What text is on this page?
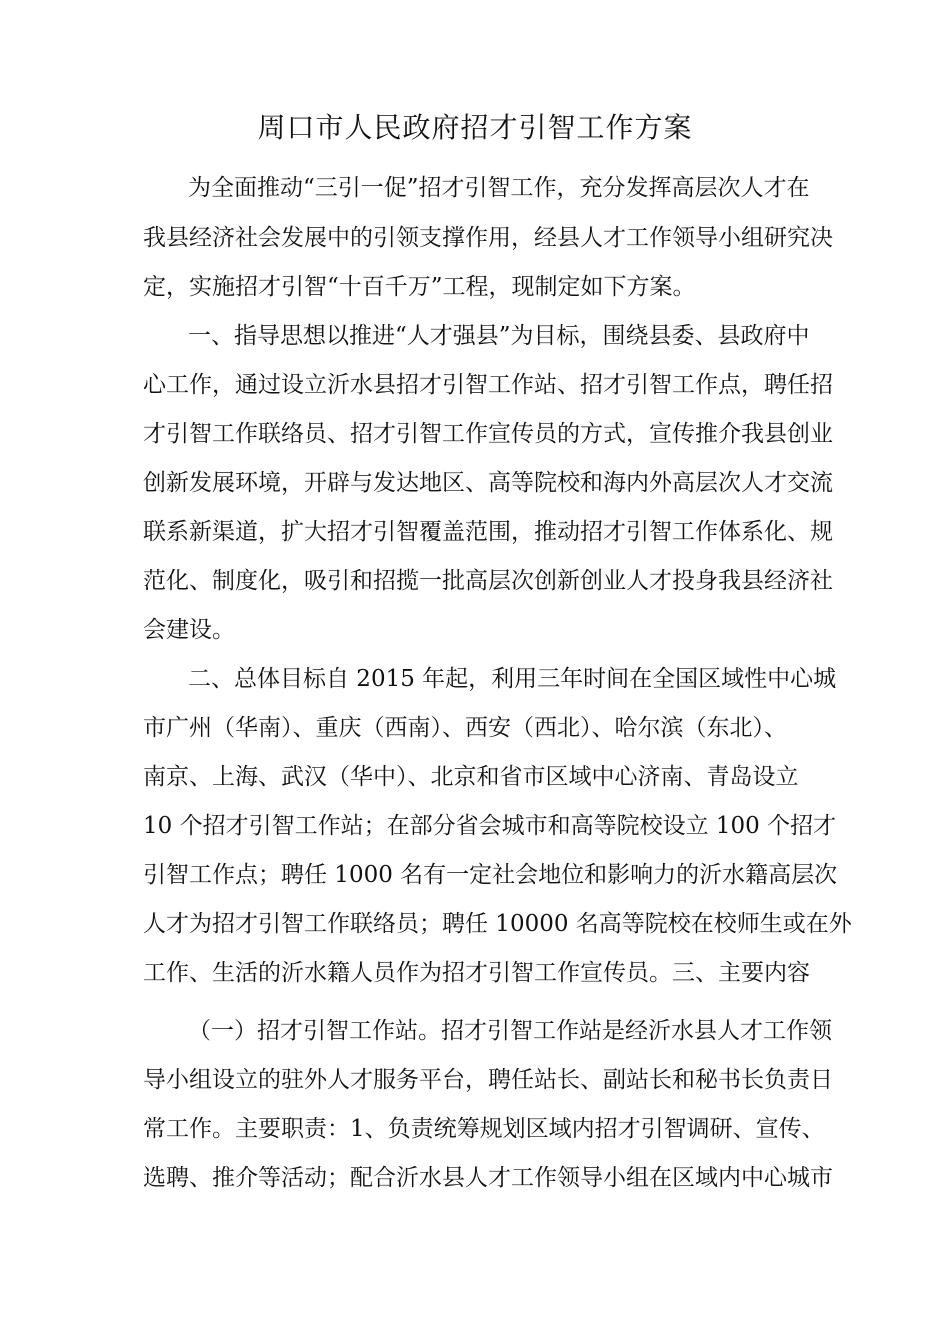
周口市人民政府招才引智工作方案
为全面推动“三引一促”招才引智工作，充分发挥高层次人才在
我县经济社会发展中的引领支撑作用，经县人才工作领导小组研究决
定，实施招才引智“十百千万”工程，现制定如下方案。
一、指导思想以推进“人才强县”为目标，围绕县委、县政府中
心工作，通过设立沂水县招才引智工作站、招才引智工作点，聘任招
才引智工作联络员、招才引智工作宣传员的方式，宣传推介我县创业
创新发展环境，开辟与发达地区、高等院校和海内外高层次人才交流
联系新渠道，扩大招才引智覆盖范围，推动招才引智工作体系化、规
范化、制度化，吸引和招揽一批高层次创新创业人才投身我县经济社
会建设。
二、总体目标自 2015 年起，利用三年时间在全国区域性中心城
市广州（华南）、重庆（西南）、西安（西北）、哈尔滨（东北）、
南京、上海、武汉（华中）、北京和省市区域中心济南、青岛设立
10 个招才引智工作站；在部分省会城市和高等院校设立 100 个招才
引智工作点；聘任 1000 名有一定社会地位和影响力的沂水籍高层次
人才为招才引智工作联络员；聘任 10000 名高等院校在校师生或在外
工作、生活的沂水籍人员作为招才引智工作宣传员。三、主要内容
（一）招才引智工作站。招才引智工作站是经沂水县人才工作领
导小组设立的驻外人才服务平台，聘任站长、副站长和秘书长负责日
常工作。主要职责：1、负责统筹规划区域内招才引智调研、宣传、
选聘、推介等活动；配合沂水县人才工作领导小组在区域内中心城市
